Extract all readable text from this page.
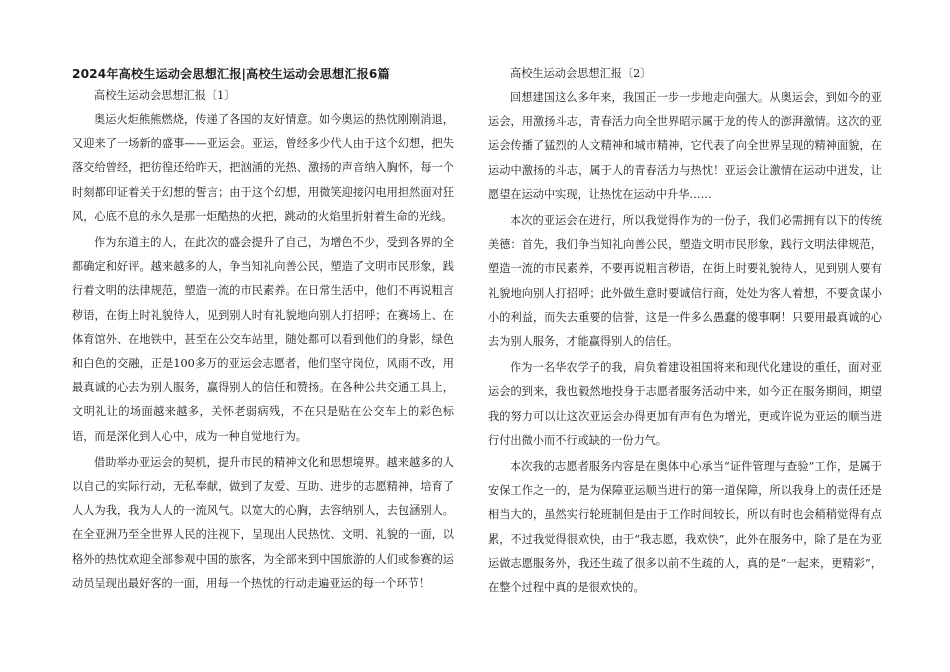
2024年高校生运动会思想汇报|高校生运动会思想汇报6篇
高校生运动会思想汇报〔1〕

奥运火炬熊熊燃烧，传递了各国的友好情意。如今奥运的热忱刚刚消退，又迎来了一场新的盛事——亚运会。亚运，曾经多少代人由于这个幻想，把失落交给曾经，把彷徨还给昨天，把汹涌的光热、激扬的声音纳入胸怀，每一个时刻都印证着关于幻想的誓言；由于这个幻想，用微笑迎接闪电用担然面对狂风，心底不息的永久是那一炬酷热的火把，跳动的火焰里折射着生命的光线。

作为东道主的人，在此次的盛会提升了自己，为增色不少，受到各界的全都确定和好评。越来越多的人，争当知礼向善公民，塑造了文明市民形象，践行着文明的法律规范，塑造一流的市民素养。在日常生活中，他们不再说粗言秽语，在街上时礼貌待人，见到别人时有礼貌地向别人打招呼；在赛场上、在体育馆外、在地铁中，甚至在公交车站里，随处都可以看到他们的身影，绿色和白色的交融，正是100多万的亚运会志愿者，他们坚守岗位，风雨不改，用最真诚的心去为别人服务，赢得别人的信任和赞扬。在各种公共交通工具上，文明礼让的场面越来越多，关怀老弱病残，不在只是贴在公交车上的彩色标语，而是深化到人心中，成为一种自觉地行为。

借助举办亚运会的契机，提升市民的精神文化和思想境界。越来越多的人以自己的实际行动，无私奉献，做到了友爱、互助、进步的志愿精神，培育了人人为我，我为人人的一流风气。以宽大的心胸，去容纳别人，去包涵别人。在全亚洲乃至全世界人民的注视下，呈现出人民热忱、文明、礼貌的一面，以格外的热忱欢迎全部参观中国的旅客，为全部来到中国旅游的人们或参赛的运动员呈现出最好客的一面，用每一个热忱的行动走遍亚运的每一个环节！

高校生运动会思想汇报〔2〕

回想建国这么多年来，我国正一步一步地走向强大。从奥运会，到如今的亚运会，用激扬斗志，青春活力向全世界昭示属于龙的传人的澎湃激情。这次的亚运会传播了猛烈的人文精神和城市精神，它代表了向全世界呈现的精神面貌，在运动中激扬的斗志，属于人的青春活力与热忱！亚运会让激情在运动中迸发，让愿望在运动中实现，让热忱在运动中升华……

本次的亚运会在进行，所以我觉得作为的一份子，我们必需拥有以下的传统美德：首先，我们争当知礼向善公民，塑造文明市民形象，践行文明法律规范，塑造一流的市民素养，不要再说粗言秽语，在街上时要礼貌待人，见到别人要有礼貌地向别人打招呼；此外做生意时要诚信行商，处处为客人着想，不要贪谋小小的利益，而失去重要的信誉，这是一件多么愚蠢的傻事啊！只要用最真诚的心去为别人服务，才能赢得别人的信任。

作为一名华农学子的我，肩负着建设祖国将来和现代化建设的重任，面对亚运会的到来，我也毅然地投身于志愿者服务活动中来，如今正在服务期间，期望我的努力可以让这次亚运会办得更加有声有色为增光，更或许说为亚运的顺当进行付出微小而不行或缺的一份力气。

本次我的志愿者服务内容是在奥体中心承当“证件管理与查验”工作，是属于安保工作之一的，是为保障亚运顺当进行的第一道保障，所以我身上的责任还是相当大的，虽然实行轮班制但是由于工作时间较长，所以有时也会稍稍觉得有点累，不过我觉得很欢快，由于“我志愿，我欢快”，此外在服务中，除了是在为亚运做志愿服务外，我还生疏了很多以前不生疏的人，真的是“一起来，更精彩”，在整个过程中真的是很欢快的。
